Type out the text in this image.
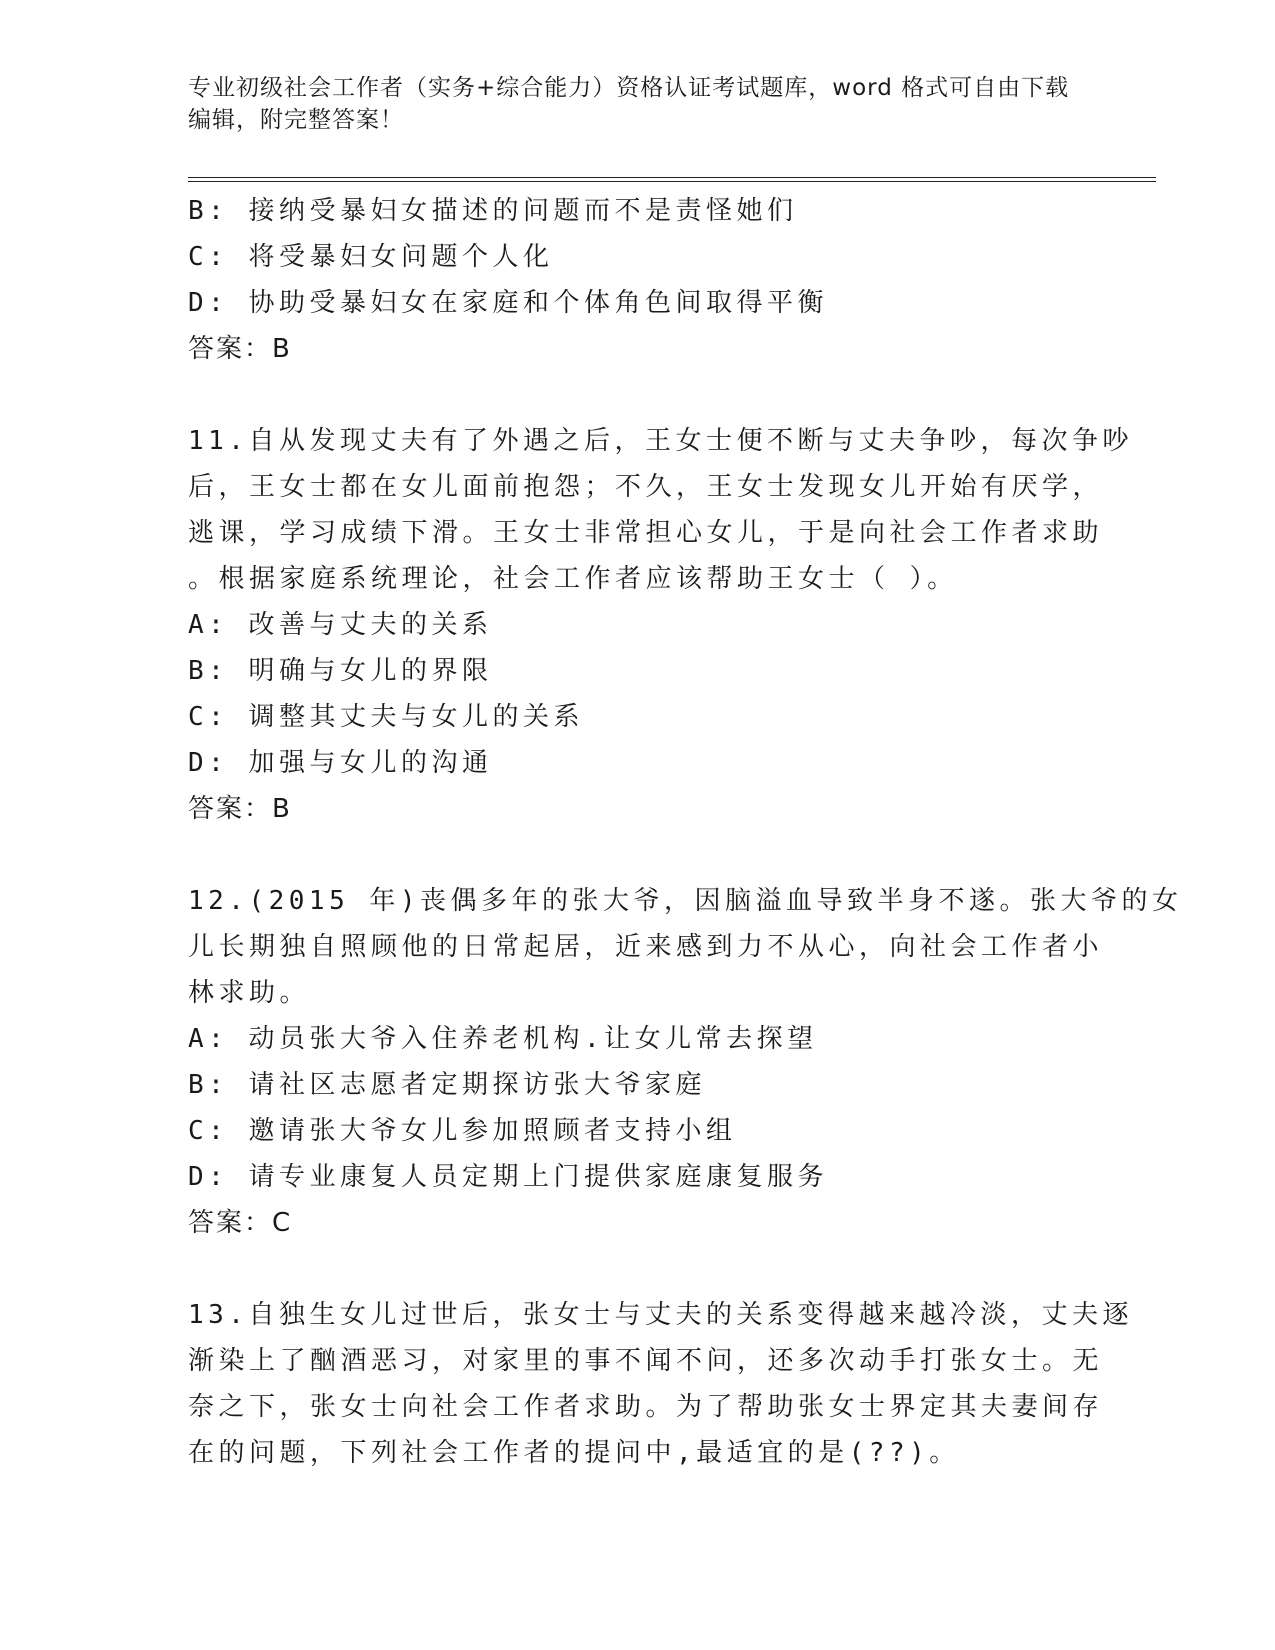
专业初级社会工作者（实务+综合能力）资格认证考试题库，word 格式可自由下载
编辑，附完整答案！
B: 接纳受暴妇女描述的问题而不是责怪她们
C: 将受暴妇女问题个人化
D: 协助受暴妇女在家庭和个体角色间取得平衡
答案：B
11.自从发现丈夫有了外遇之后，王女士便不断与丈夫争吵，每次争吵
后，王女士都在女儿面前抱怨；不久，王女士发现女儿开始有厌学，
逃课，学习成绩下滑。王女士非常担心女儿，于是向社会工作者求助
。根据家庭系统理论，社会工作者应该帮助王女士（ ）。
A: 改善与丈夫的关系
B: 明确与女儿的界限
C: 调整其丈夫与女儿的关系
D: 加强与女儿的沟通
答案：B
12.(2015 年)丧偶多年的张大爷，因脑溢血导致半身不遂。张大爷的女
儿长期独自照顾他的日常起居，近来感到力不从心，向社会工作者小
林求助。
A: 动员张大爷入住养老机构.让女儿常去探望
B: 请社区志愿者定期探访张大爷家庭
C: 邀请张大爷女儿参加照顾者支持小组
D: 请专业康复人员定期上门提供家庭康复服务
答案：C
13.自独生女儿过世后，张女士与丈夫的关系变得越来越冷淡，丈夫逐
渐染上了酗酒恶习，对家里的事不闻不问，还多次动手打张女士。无
奈之下，张女士向社会工作者求助。为了帮助张女士界定其夫妻间存
在的问题，下列社会工作者的提问中,最适宜的是(??)。
